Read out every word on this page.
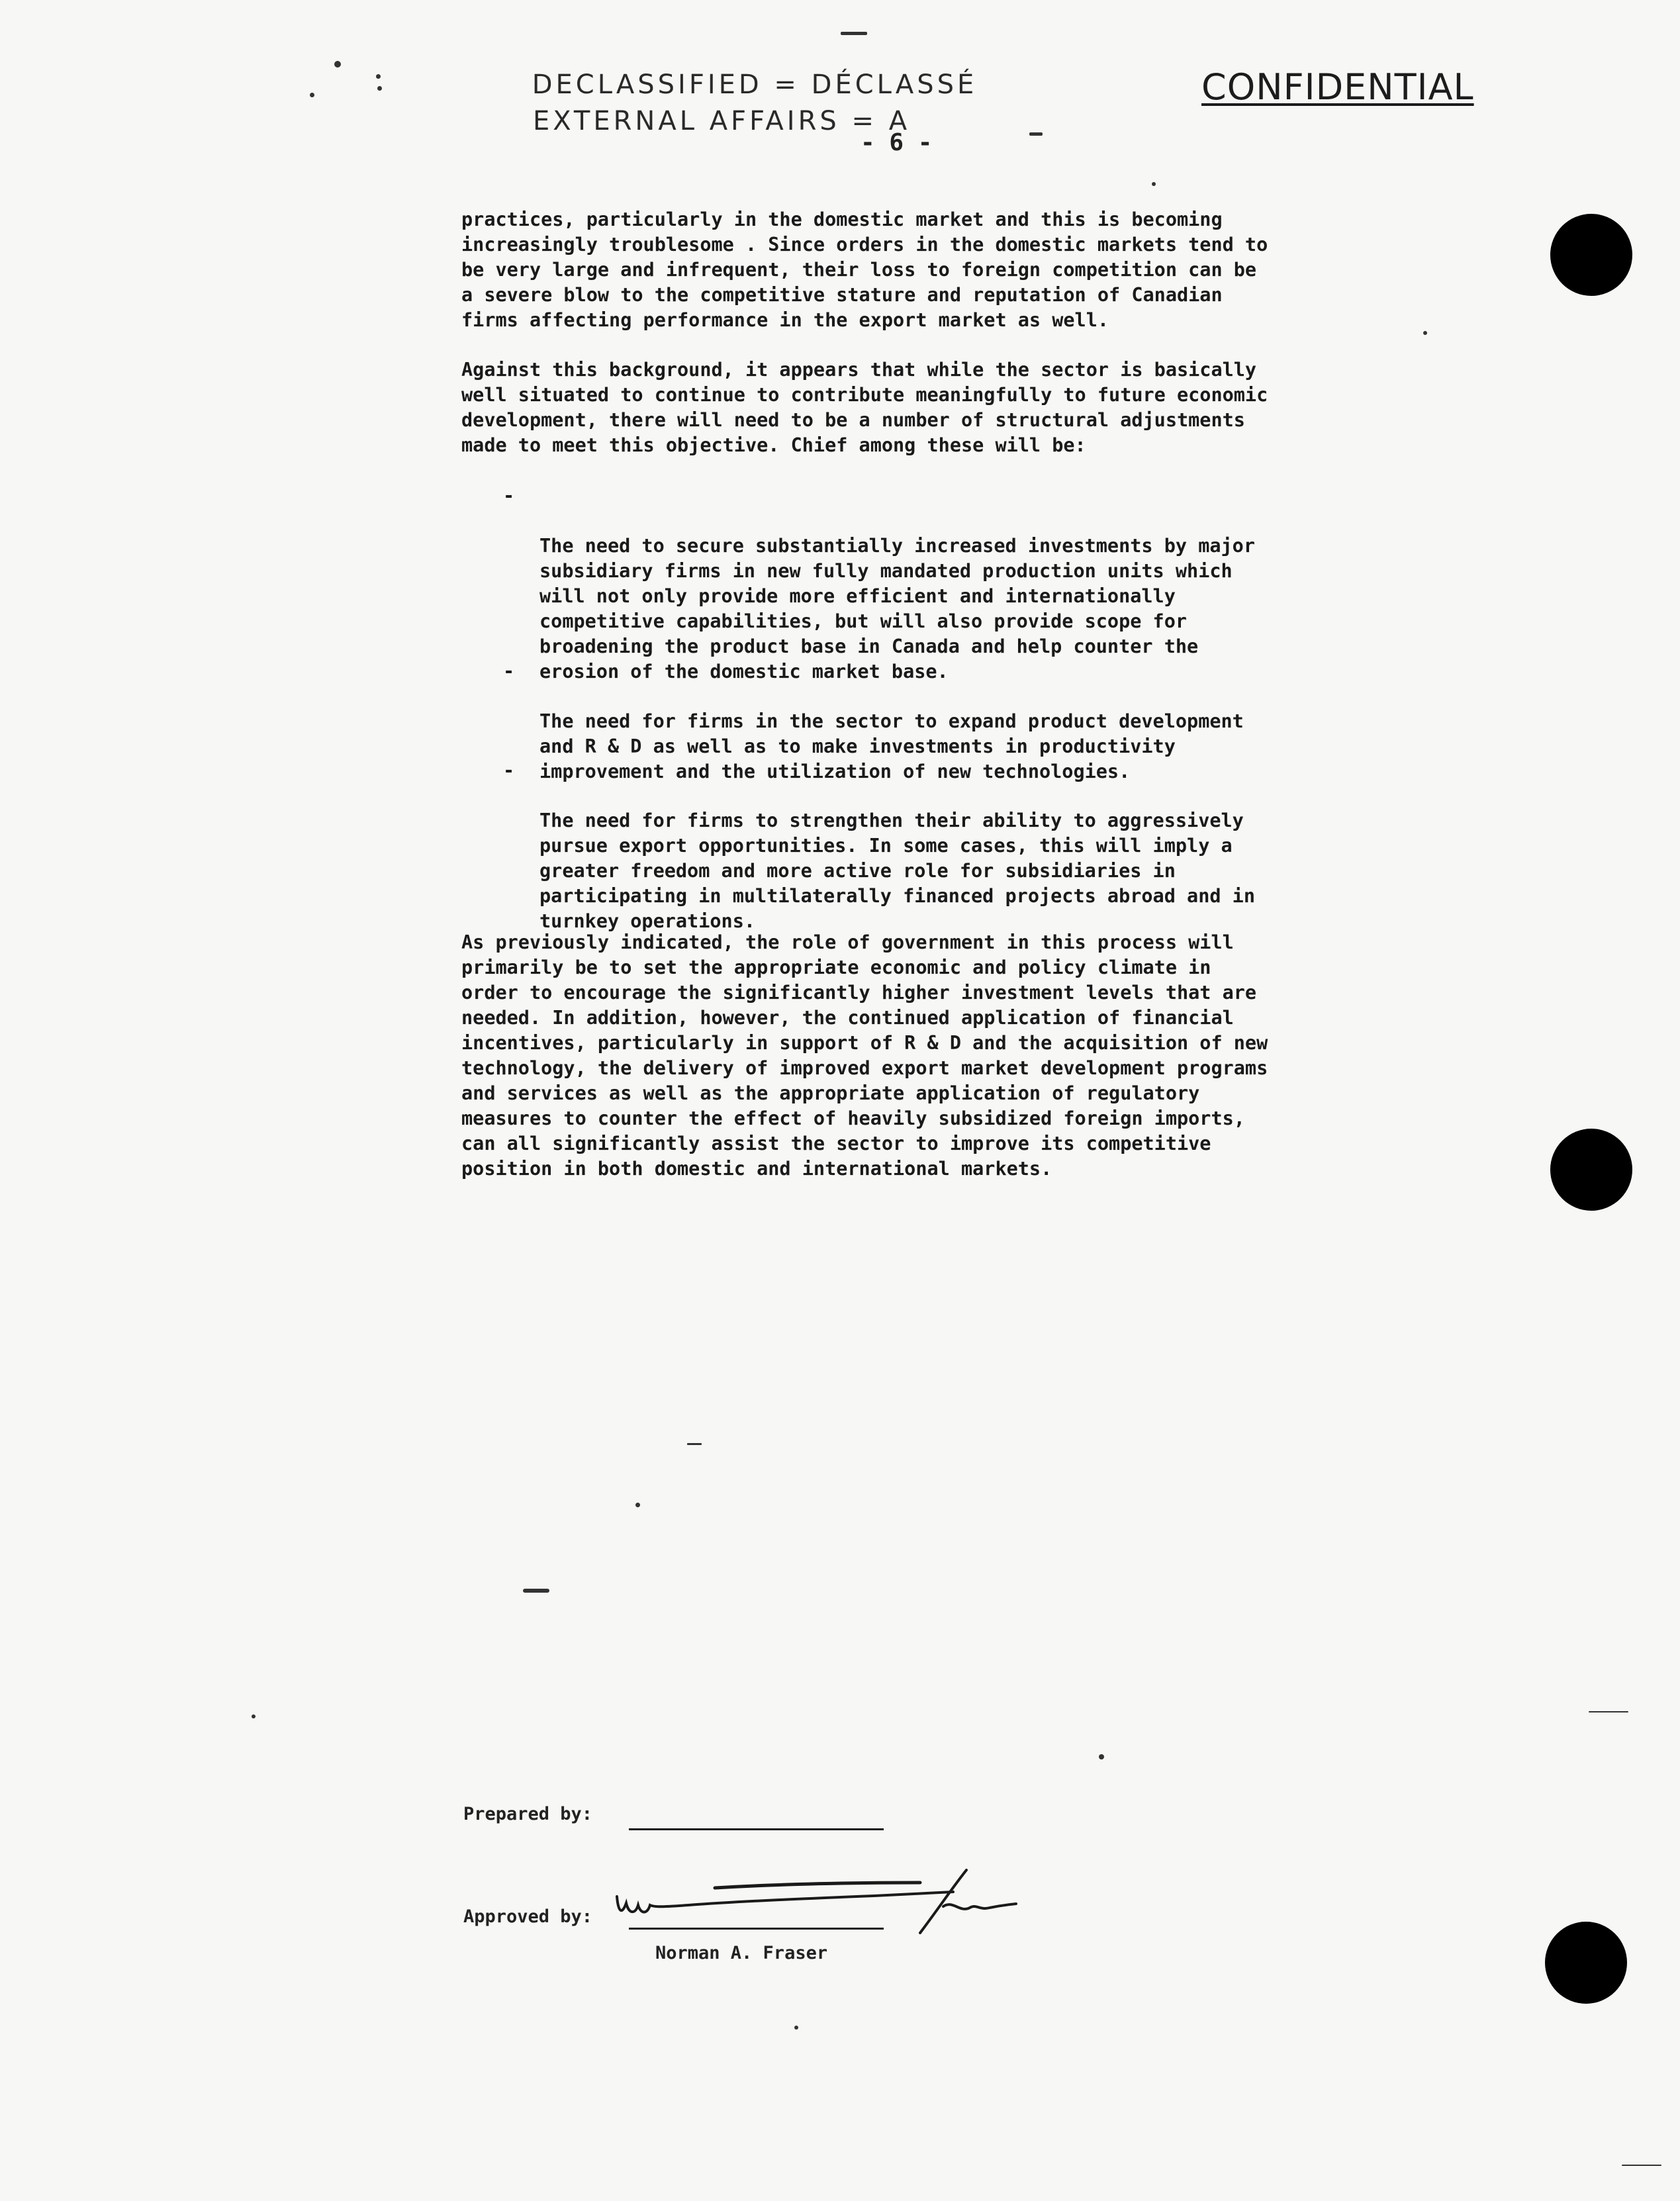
DECLASSIFIED = DÉCLASSÉ
EXTERNAL AFFAIRS = A
- 6 -
CONFIDENTIAL
practices, particularly in the domestic market and this is becoming
increasingly troublesome . Since orders in the domestic markets tend to
be very large and infrequent, their loss to foreign competition can be
a severe blow to the competitive stature and reputation of Canadian
firms affecting performance in the export market as well.
Against this background, it appears that while the sector is basically
well situated to continue to contribute meaningfully to future economic
development, there will need to be a number of structural adjustments
made to meet this objective. Chief among these will be:

-

The need to secure substantially increased investments by major
subsidiary firms in new fully mandated production units which
will not only provide more efficient and internationally
competitive capabilities, but will also provide scope for
broadening the product base in Canada and help counter the
erosion of the domestic market base.

-

The need for firms in the sector to expand product development
and R & D as well as to make investments in productivity
improvement and the utilization of new technologies.

-

The need for firms to strengthen their ability to aggressively
pursue export opportunities. In some cases, this will imply a
greater freedom and more active role for subsidiaries in
participating in multilaterally financed projects abroad and in
turnkey operations.

As previously indicated, the role of government in this process will
primarily be to set the appropriate economic and policy climate in
order to encourage the significantly higher investment levels that are
needed. In addition, however, the continued application of financial
incentives, particularly in support of R & D and the acquisition of new
technology, the delivery of improved export market development programs
and services as well as the appropriate application of regulatory
measures to counter the effect of heavily subsidized foreign imports,
can all significantly assist the sector to improve its competitive
position in both domestic and international markets.
Prepared by:
Approved by:
Norman A. Fraser
